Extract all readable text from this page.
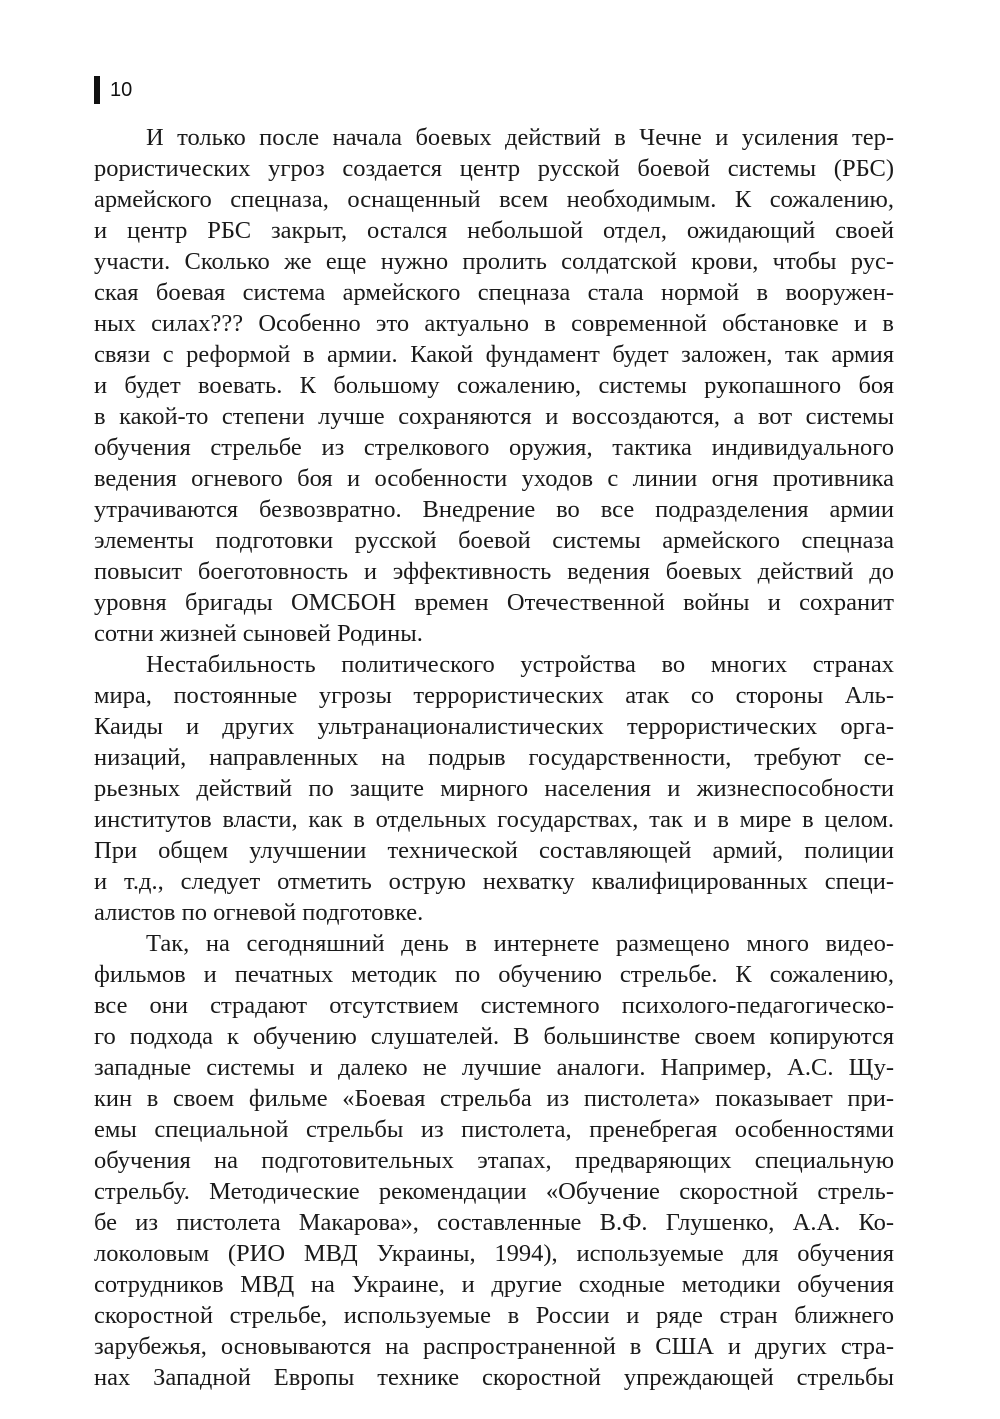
10
И только после начала боевых действий в Чечне и усиления тер-
рористических угроз создается центр русской боевой системы (РБС)
армейского спецназа, оснащенный всем необходимым. К сожалению,
и центр РБС закрыт, остался небольшой отдел, ожидающий своей
участи. Сколько же еще нужно пролить солдатской крови, чтобы рус-
ская боевая система армейского спецназа стала нормой в вооружен-
ных силах??? Особенно это актуально в современной обстановке и в
связи с реформой в армии. Какой фундамент будет заложен, так армия
и будет воевать. К большому сожалению, системы рукопашного боя
в какой-то степени лучше сохраняются и воссоздаются, а вот системы
обучения стрельбе из стрелкового оружия, тактика индивидуального
ведения огневого боя и особенности уходов с линии огня противника
утрачиваются безвозвратно. Внедрение во все подразделения армии
элементы подготовки русской боевой системы армейского спецназа
повысит боеготовность и эффективность ведения боевых действий до
уровня бригады ОМСБОН времен Отечественной войны и сохранит
сотни жизней сыновей Родины.
Нестабильность политического устройства во многих странах
мира, постоянные угрозы террористических атак со стороны Аль-
Каиды и других ультранационалистических террористических орга-
низаций, направленных на подрыв государственности, требуют се-
рьезных действий по защите мирного населения и жизнеспособности
институтов власти, как в отдельных государствах, так и в мире в целом.
При общем улучшении технической составляющей армий, полиции
и т.д., следует отметить острую нехватку квалифицированных специ-
алистов по огневой подготовке.
Так, на сегодняшний день в интернете размещено много видео-
фильмов и печатных методик по обучению стрельбе. К сожалению,
все они страдают отсутствием системного психолого-педагогическо-
го подхода к обучению слушателей. В большинстве своем копируются
западные системы и далеко не лучшие аналоги. Например, А.С. Щу-
кин в своем фильме «Боевая стрельба из пистолета» показывает при-
емы специальной стрельбы из пистолета, пренебрегая особенностями
обучения на подготовительных этапах, предваряющих специальную
стрельбу. Методические рекомендации «Обучение скоростной стрель-
бе из пистолета Макарова», составленные В.Ф. Глушенко, А.А. Ко-
локоловым (РИО МВД Украины, 1994), используемые для обучения
сотрудников МВД на Украине, и другие сходные методики обучения
скоростной стрельбе, используемые в России и ряде стран ближнего
зарубежья, основываются на распространенной в США и других стра-
нах Западной Европы технике скоростной упреждающей стрельбы
